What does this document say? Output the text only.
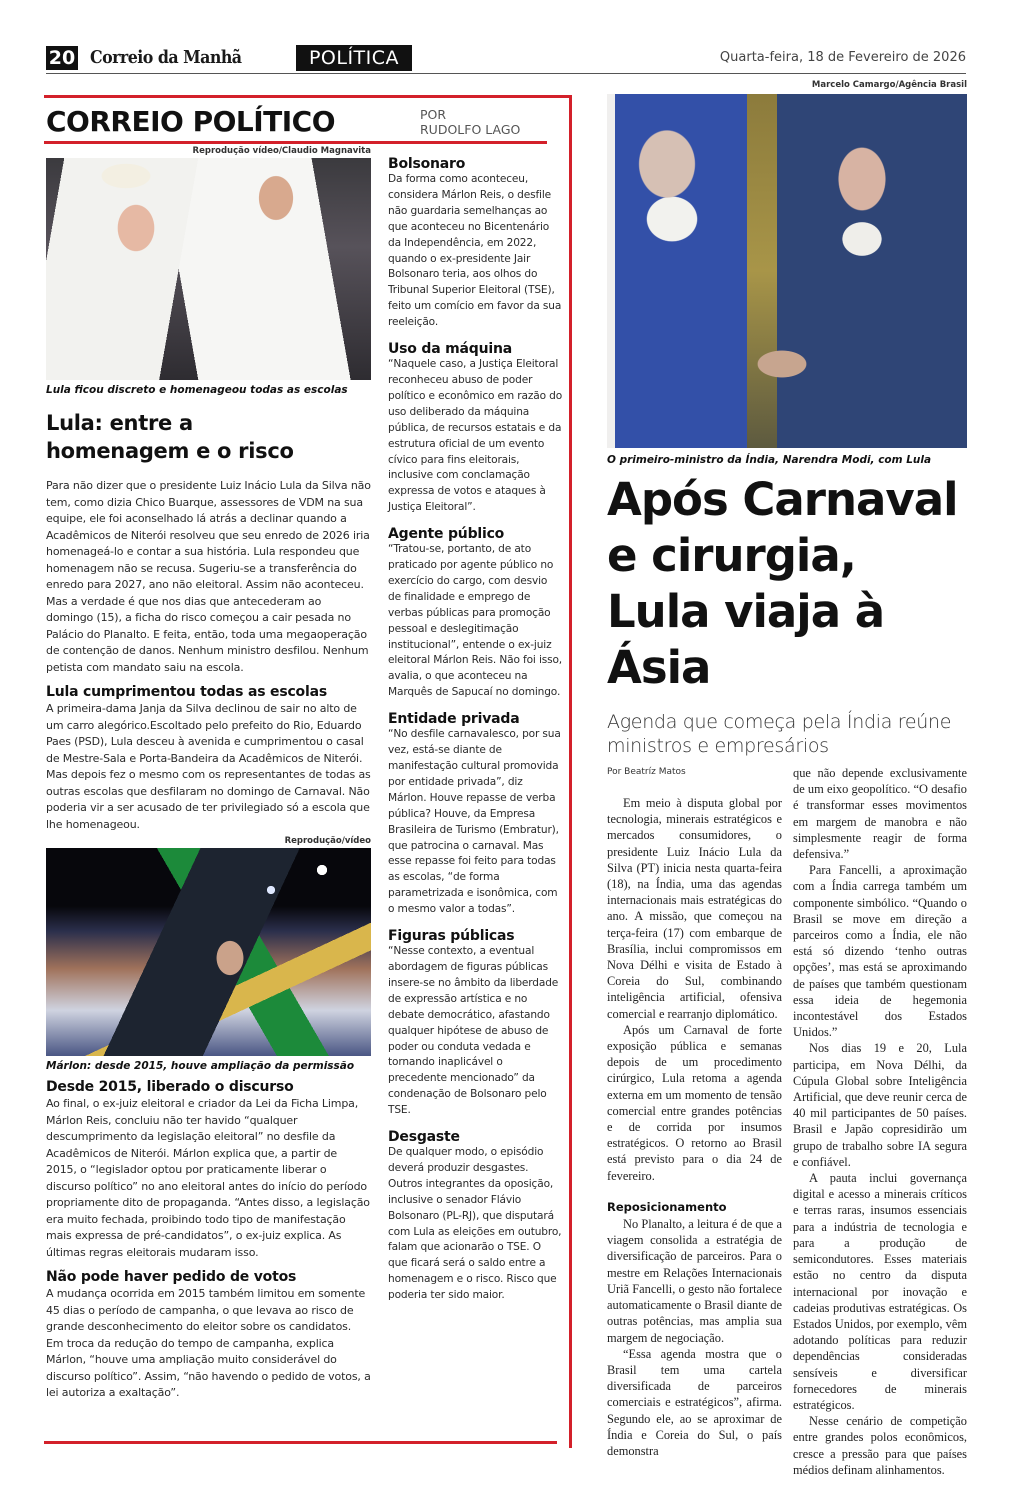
20 Correio da Manhã	POLÍTICA	Quarta-feira, 18 de Fevereiro de 2026
CORREIO POLÍTICO	POR
RUDOLFO LAGO
Reprodução vídeo/Claudio Magnavita
Lula ficou discreto e homenageou todas as escolas
Lula: entre a
homenagem e o risco

Para não dizer que o presidente Luiz Inácio Lula da Silva não tem, como dizia Chico Buarque, assessores de VDM na sua equipe, ele foi aconselhado lá atrás a declinar quando a Acadêmicos de Niterói resolveu que seu enredo de 2026 iria homenageá-lo e contar a sua história. Lula respondeu que homenagem não se recusa. Sugeriu-se a transferência do enredo para 2027, ano não eleitoral. Assim não aconteceu. Mas a verdade é que nos dias que antecederam ao domingo (15), a ficha do risco começou a cair pesada no Palácio do Planalto. E feita, então, toda uma megaoperação de contenção de danos. Nenhum ministro desfilou. Nenhum petista com mandato saiu na escola.

Lula cumprimentou todas as escolas

A primeira-dama Janja da Silva declinou de sair no alto de um carro alegórico.Escoltado pelo prefeito do Rio, Eduardo Paes (PSD), Lula desceu à avenida e cumprimentou o casal de Mestre-Sala e Porta-Bandeira da Acadêmicos de Niterói. Mas depois fez o mesmo com os representantes de todas as outras escolas que desfilaram no domingo de Carnaval. Não poderia vir a ser acusado de ter privilegiado só a escola que lhe homenageou.

Reprodução/vídeo
Márlon: desde 2015, houve ampliação da permissão
Desde 2015, liberado o discurso

Ao final, o ex-juiz eleitoral e criador da Lei da Ficha Limpa, Márlon Reis, concluiu não ter havido “qualquer descumprimento da legislação eleitoral” no desfile da Acadêmicos de Niterói. Márlon explica que, a partir de 2015, o “legislador optou por praticamente liberar o discurso político” no ano eleitoral antes do início do período propriamente dito de propaganda. “Antes disso, a legislação era muito fechada, proibindo todo tipo de manifestação mais expressa de pré-candidatos”, o ex-juiz explica. As últimas regras eleitorais mudaram isso.

Não pode haver pedido de votos

A mudança ocorrida em 2015 também limitou em somente 45 dias o período de campanha, o que levava ao risco de grande desconhecimento do eleitor sobre os candidatos. Em troca da redução do tempo de campanha, explica Márlon, “houve uma ampliação muito considerável do discurso político”. Assim, “não havendo o pedido de votos, a lei autoriza a exaltação”.

Bolsonaro

Da forma como aconteceu, considera Márlon Reis, o desfile não guardaria semelhanças ao que aconteceu no Bicentenário da Independência, em 2022, quando o ex-presidente Jair Bolsonaro teria, aos olhos do Tribunal Superior Eleitoral (TSE), feito um comício em favor da sua reeleição.

Uso da máquina

“Naquele caso, a Justiça Eleitoral reconheceu abuso de poder político e econômico em razão do uso deliberado da máquina pública, de recursos estatais e da estrutura oficial de um evento cívico para fins eleitorais, inclusive com conclamação expressa de votos e ataques à Justiça Eleitoral”.

Agente público

“Tratou-se, portanto, de ato praticado por agente público no exercício do cargo, com desvio de finalidade e emprego de verbas públicas para promoção pessoal e deslegitimação institucional”, entende o ex-juiz eleitoral Márlon Reis. Não foi isso, avalia, o que aconteceu na Marquês de Sapucaí no domingo.

Entidade privada

“No desfile carnavalesco, por sua vez, está-se diante de manifestação cultural promovida por entidade privada”, diz Márlon. Houve repasse de verba pública? Houve, da Empresa Brasileira de Turismo (Embratur), que patrocina o carnaval. Mas esse repasse foi feito para todas as escolas, “de forma parametrizada e isonômica, com o mesmo valor a todas”.

Figuras públicas

“Nesse contexto, a eventual abordagem de figuras públicas insere-se no âmbito da liberdade de expressão artística e no debate democrático, afastando qualquer hipótese de abuso de poder ou conduta vedada e tornando inaplicável o precedente mencionado” da condenação de Bolsonaro pelo TSE.

Desgaste

De qualquer modo, o episódio deverá produzir desgastes. Outros integrantes da oposição, inclusive o senador Flávio Bolsonaro (PL-RJ), que disputará com Lula as eleições em outubro, falam que acionarão o TSE. O que ficará será o saldo entre a homenagem e o risco. Risco que poderia ter sido maior.

Marcelo Camargo/Agência Brasil
O primeiro-ministro da Índia, Narendra Modi, com Lula
Após Carnaval e cirurgia, Lula viaja à Ásia
Agenda que começa pela Índia reúne ministros e empresários
Por Beatríz Matos

Em meio à disputa global por tecnologia, minerais estratégicos e mercados consumidores, o presidente Luiz Inácio Lula da Silva (PT) inicia nesta quarta-feira (18), na Índia, uma das agendas internacionais mais estratégicas do ano. A missão, que começou na terça-feira (17) com embarque de Brasília, inclui compromissos em Nova Délhi e visita de Estado à Coreia do Sul, combinando inteligência artificial, ofensiva comercial e rearranjo diplomático.

Após um Carnaval de forte exposição pública e semanas depois de um procedimento cirúrgico, Lula retoma a agenda externa em um momento de tensão comercial entre grandes potências e de corrida por insumos estratégicos. O retorno ao Brasil está previsto para o dia 24 de fevereiro.

Reposicionamento

No Planalto, a leitura é de que a viagem consolida a estratégia de diversificação de parceiros. Para o mestre em Relações Internacionais Uriã Fancelli, o gesto não fortalece automaticamente o Brasil diante de outras potências, mas amplia sua margem de negociação.

“Essa agenda mostra que o Brasil tem uma cartela diversificada de parceiros comerciais e estratégicos”, afirma. Segundo ele, ao se aproximar de Índia e Coreia do Sul, o país demonstra

que não depende exclusivamente de um eixo geopolítico. “O desafio é transformar esses movimentos em margem de manobra e não simplesmente reagir de forma defensiva.”

Para Fancelli, a aproximação com a Índia carrega também um componente simbólico. “Quando o Brasil se move em direção a parceiros como a Índia, ele não está só dizendo ‘tenho outras opções’, mas está se aproximando de países que também questionam essa ideia de hegemonia incontestável dos Estados Unidos.”

Nos dias 19 e 20, Lula participa, em Nova Délhi, da Cúpula Global sobre Inteligência Artificial, que deve reunir cerca de 40 mil participantes de 50 países. Brasil e Japão copresidirão um grupo de trabalho sobre IA segura e confiável.

A pauta inclui governança digital e acesso a minerais críticos e terras raras, insumos essenciais para a indústria de tecnologia e para a produção de semicondutores. Esses materiais estão no centro da disputa internacional por inovação e cadeias produtivas estratégicas. Os Estados Unidos, por exemplo, vêm adotando políticas para reduzir dependências consideradas sensíveis e diversificar fornecedores de minerais estratégicos.

Nesse cenário de competição entre grandes polos econômicos, cresce a pressão para que países médios definam alinhamentos.
